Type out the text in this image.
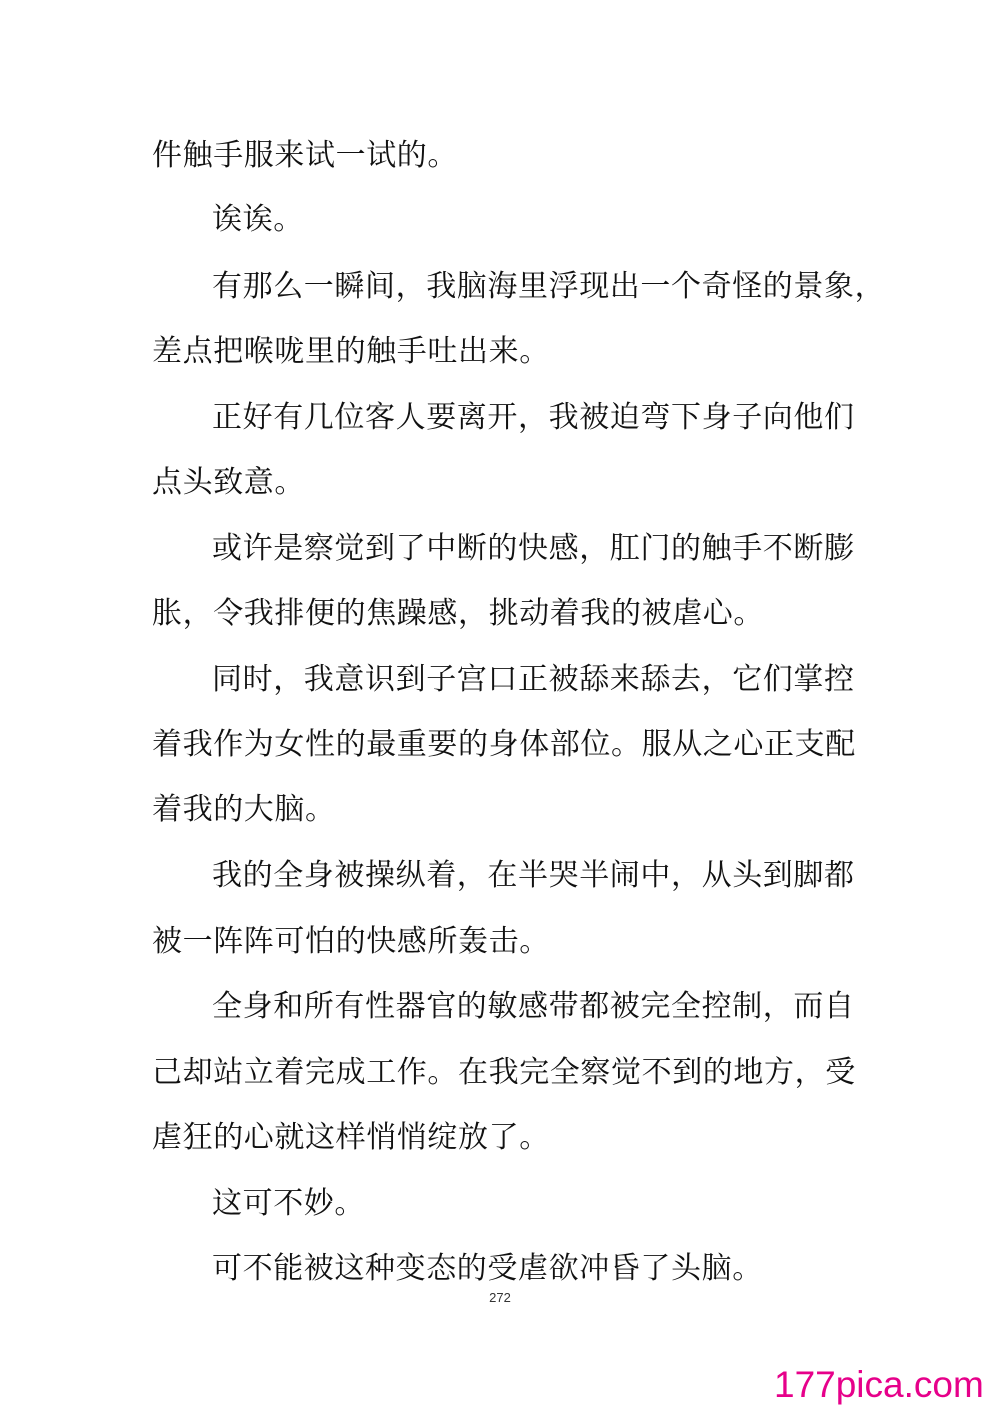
件触手服来试一试的。
诶诶。
有那么一瞬间，我脑海里浮现出一个奇怪的景象，
差点把喉咙里的触手吐出来。
正好有几位客人要离开，我被迫弯下身子向他们
点头致意。
或许是察觉到了中断的快感，肛门的触手不断膨
胀，令我排便的焦躁感，挑动着我的被虐心。
同时，我意识到子宫口正被舔来舔去，它们掌控
着我作为女性的最重要的身体部位。服从之心正支配
着我的大脑。
我的全身被操纵着，在半哭半闹中，从头到脚都
被一阵阵可怕的快感所轰击。
全身和所有性器官的敏感带都被完全控制，而自
己却站立着完成工作。在我完全察觉不到的地方，受
虐狂的心就这样悄悄绽放了。
这可不妙。
可不能被这种变态的受虐欲冲昏了头脑。
272
177pica.com
